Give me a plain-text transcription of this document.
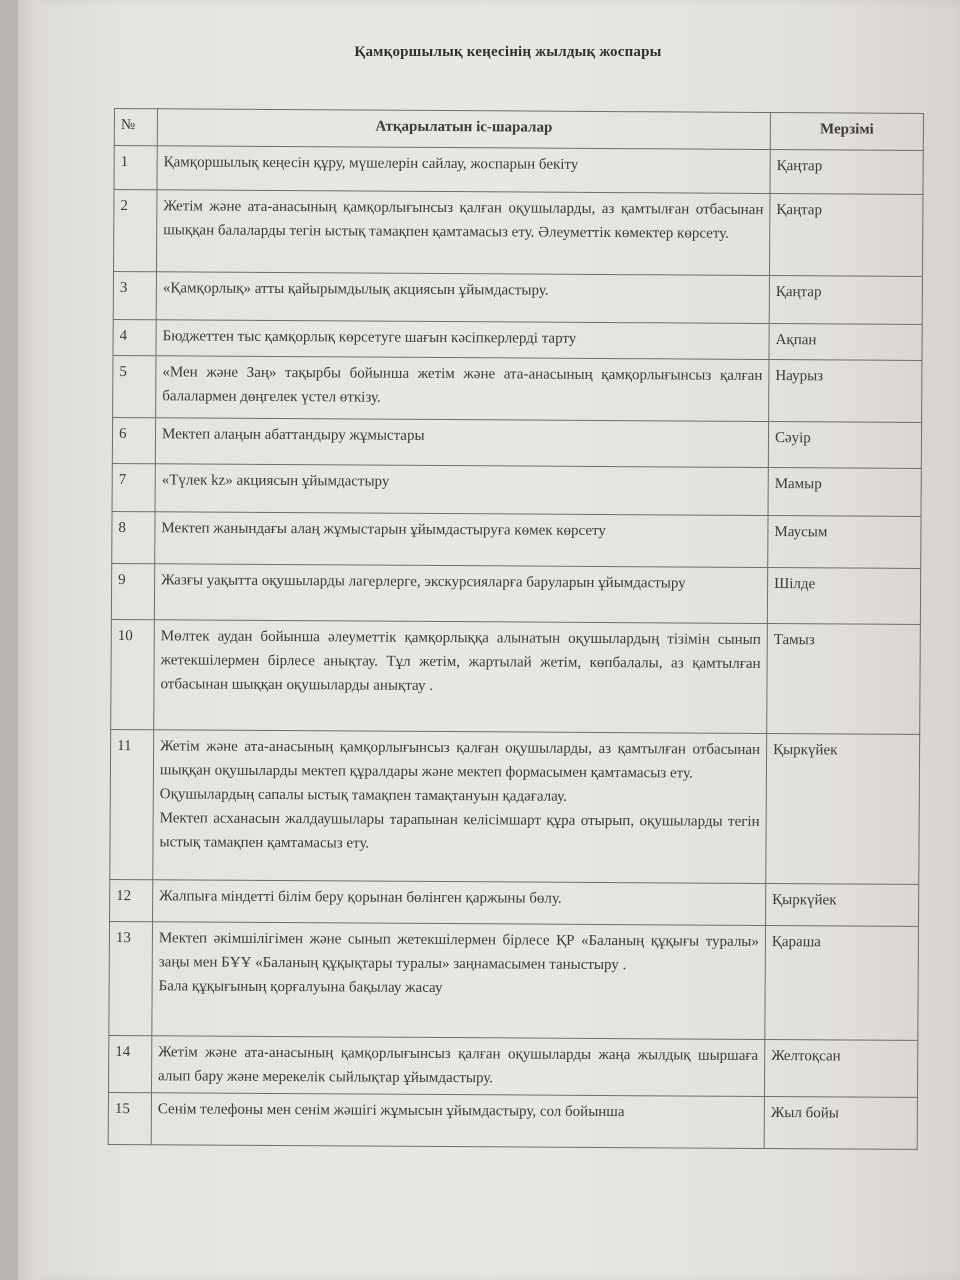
Қамқоршылық кеңесінің жылдық жоспары
№	Атқарылатын іс-шаралар	Мерзімі
1	Қамқоршылық кеңесін құру, мүшелерін сайлау, жоспарын бекіту	Қаңтар
2	Жетім және ата-анасының қамқорлығынсыз қалған оқушыларды, аз қамтылған отбасынан шыққан балаларды тегін ыстық тамақпен қамтамасыз ету. Әлеуметтік көмектер көрсету.	Қаңтар
3	«Қамқорлық» атты қайырымдылық акциясын ұйымдастыру.	Қаңтар
4	Бюджеттен тыс қамқорлық көрсетуге шағын кәсіпкерлерді тарту	Ақпан
5	«Мен және Заң» тақырбы бойынша жетім және ата-анасының қамқорлығынсыз қалған балалармен дөңгелек үстел өткізу.	Наурыз
6	Мектеп алаңын абаттандыру жұмыстары	Сәуір
7	«Түлек kz» акциясын ұйымдастыру	Мамыр
8	Мектеп жанындағы алаң жұмыстарын ұйымдастыруға көмек көрсету	Маусым
9	Жазғы уақытта оқушыларды лагерлерге, экскурсияларға баруларын ұйымдастыру	Шілде
10	Мөлтек аудан бойынша әлеуметтік қамқорлыққа алынатын оқушылардың тізімін сынып жетекшілермен бірлесе анықтау. Тұл жетім, жартылай жетім, көпбалалы, аз қамтылған отбасынан шыққан оқушыларды анықтау .	Тамыз
11	Жетім және ата-анасының қамқорлығынсыз қалған оқушыларды, аз қамтылған отбасынан шыққан оқушыларды мектеп құралдары және мектеп формасымен қамтамасыз ету.
Оқушылардың сапалы ыстық тамақпен тамақтануын қадағалау.
Мектеп асханасын жалдаушылары тарапынан келісімшарт құра отырып, оқушыларды тегін ыстық тамақпен қамтамасыз ету.	Қыркүйек
12	Жалпыға міндетті білім беру қорынан бөлінген қаржыны бөлу.	Қыркүйек
13	Мектеп әкімшілігімен және сынып жетекшілермен бірлесе ҚР «Баланың құқығы туралы» заңы мен БҰҰ «Баланың құқықтары туралы» заңнамасымен таныстыру .
Бала құқығының қорғалуына бақылау жасау	Қараша
14	Жетім және ата-анасының қамқорлығынсыз қалған оқушыларды жаңа жылдық шыршаға алып бару және мерекелік сыйлықтар ұйымдастыру.	Желтоқсан
15	Сенім телефоны мен сенім жәшігі жұмысын ұйымдастыру, сол бойынша	Жыл бойы
